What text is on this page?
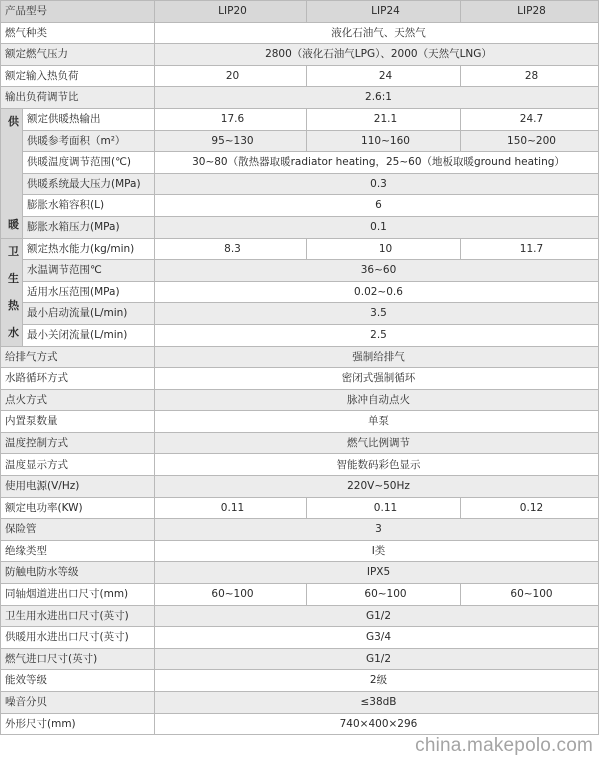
产品型号		LIP20	LIP24	LIP28
燃气种类		液化石油气、天然气		
额定燃气压力		2800（液化石油气LPG）、2000（天然气LNG）		
额定输入热负荷		20	24	28
输出负荷调节比		2.6:1		

供
暖	额定供暖热输出	17.6	21.1	24.7
	供暖参考面积（m²）	95~130	110~160	150~200
	供暖温度调节范围(℃)	30~80（散热器取暖radiator heating，25~60（地板取暖ground heating）		
	供暖系统最大压力(MPa)	0.3		
	膨胀水箱容积(L)	6		
	膨胀水箱压力(MPa)	0.1		

卫
生
热
水	额定热水能力(kg/min)	8.3	10	11.7
	水温调节范围℃	36~60		
	适用水压范围(MPa)	0.02~0.6		
	最小启动流量(L/min)	3.5		
	最小关闭流量(L/min)	2.5		
给排气方式		强制给排气		
水路循环方式		密闭式强制循环		
点火方式		脉冲自动点火		
内置泵数量		单泵		
温度控制方式		燃气比例调节		
温度显示方式		智能数码彩色显示		
使用电源(V/Hz)		220V~50Hz		
额定电功率(KW)		0.11	0.11	0.12
保险管		3		
绝缘类型		I类		
防触电防水等级		IPX5		
同轴烟道进出口尺寸(mm)		60~100	60~100	60~100
卫生用水进出口尺寸(英寸)		G1/2		
供暖用水进出口尺寸(英寸)		G3/4		
燃气进口尺寸(英寸)		G1/2		
能效等级		2级		
噪音分贝		≤38dB		
外形尺寸(mm)		740×400×296		
china.makepolo.com
